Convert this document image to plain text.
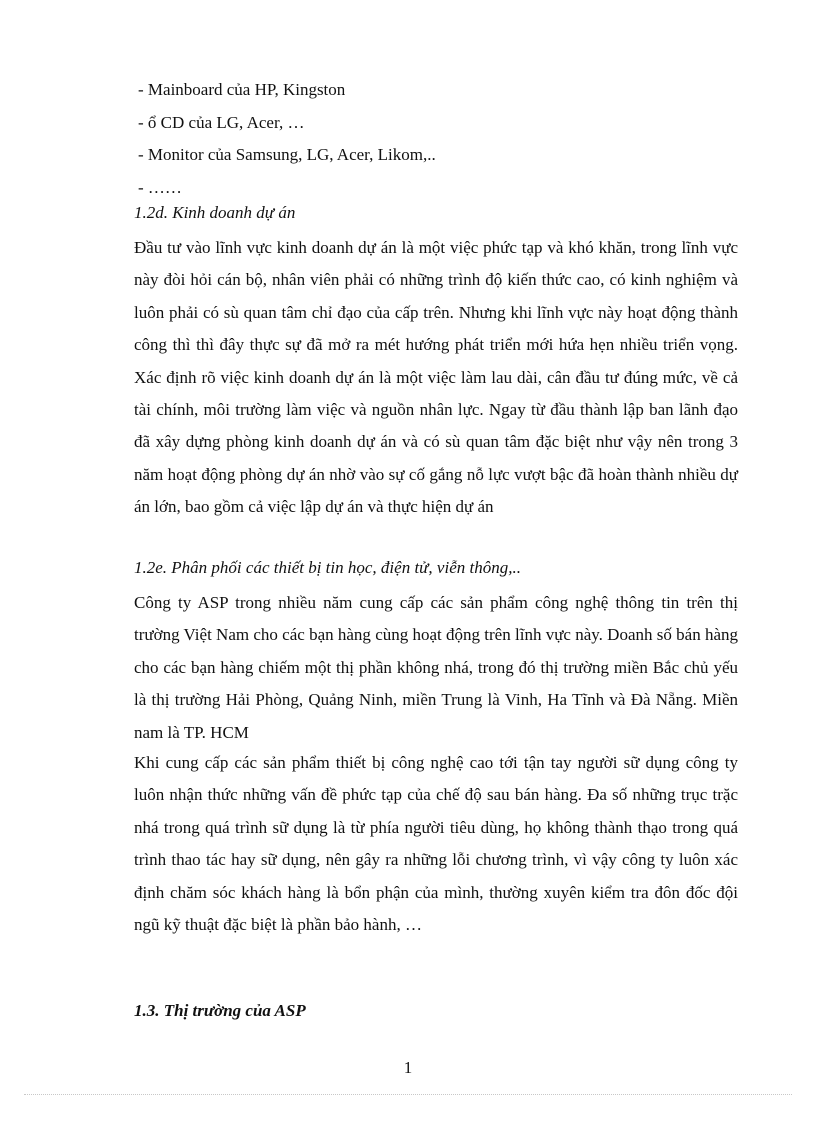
- Mainboard của HP, Kingston
- ổ CD của LG, Acer, …
- Monitor của Samsung, LG, Acer, Likom,..
- ……
1.2d. Kinh doanh dự án
Đầu tư vào lĩnh vực kinh doanh dự án là một việc phức tạp và khó khăn, trong lĩnh vực này đòi hỏi cán bộ, nhân viên phải có những trình độ kiến thức cao, có kinh nghiệm và luôn phải có sù quan tâm chỉ đạo của cấp trên. Nhưng khi lĩnh vực này hoạt động thành công thì thì đây thực sự đã mở ra mét hướng phát triển mới hứa hẹn nhiều triển vọng. Xác định rõ việc kinh doanh dự án là một việc làm lau dài, cân đầu tư đúng mức, về cả tài chính, môi trường làm việc và nguồn nhân lực. Ngay từ đầu thành lập ban lãnh đạo đã xây dựng phòng kinh doanh dự án và có sù quan tâm đặc biệt như vậy nên trong 3 năm hoạt động phòng dự án nhờ vào sự cố gắng nỗ lực vượt bậc đã hoàn thành nhiều dự án lớn, bao gồm cả việc lập dự án và thực hiện dự án
1.2e. Phân phối các thiết bị tin học, điện tử, viễn thông,..
Công ty ASP trong nhiều năm cung cấp các sản phẩm công nghệ thông tin trên thị trường Việt Nam cho các bạn hàng cùng hoạt động trên lĩnh vực này. Doanh số bán hàng cho các bạn hàng chiếm một thị phần không nhá, trong đó thị trường miền Bắc chủ yếu là thị trường Hải Phòng, Quảng Ninh, miền Trung là Vinh, Ha Tĩnh và Đà Nẵng. Miền nam là TP. HCM
Khi cung cấp các sản phẩm thiết bị công nghệ cao tới tận tay người sữ dụng công ty luôn nhận thức những vấn đề phức tạp của chế độ sau bán hàng. Đa số những trục trặc nhá trong quá trình sữ dụng là từ phía người tiêu dùng, họ không thành thạo trong quá trình thao tác hay sữ dụng, nên gây ra những lỗi chương trình, vì vậy công ty luôn xác định chăm sóc khách hàng là bổn phận của mình, thường xuyên kiểm tra đôn đốc đội ngũ kỹ thuật đặc biệt là phần bảo hành, …
1.3. Thị trường của ASP
1
